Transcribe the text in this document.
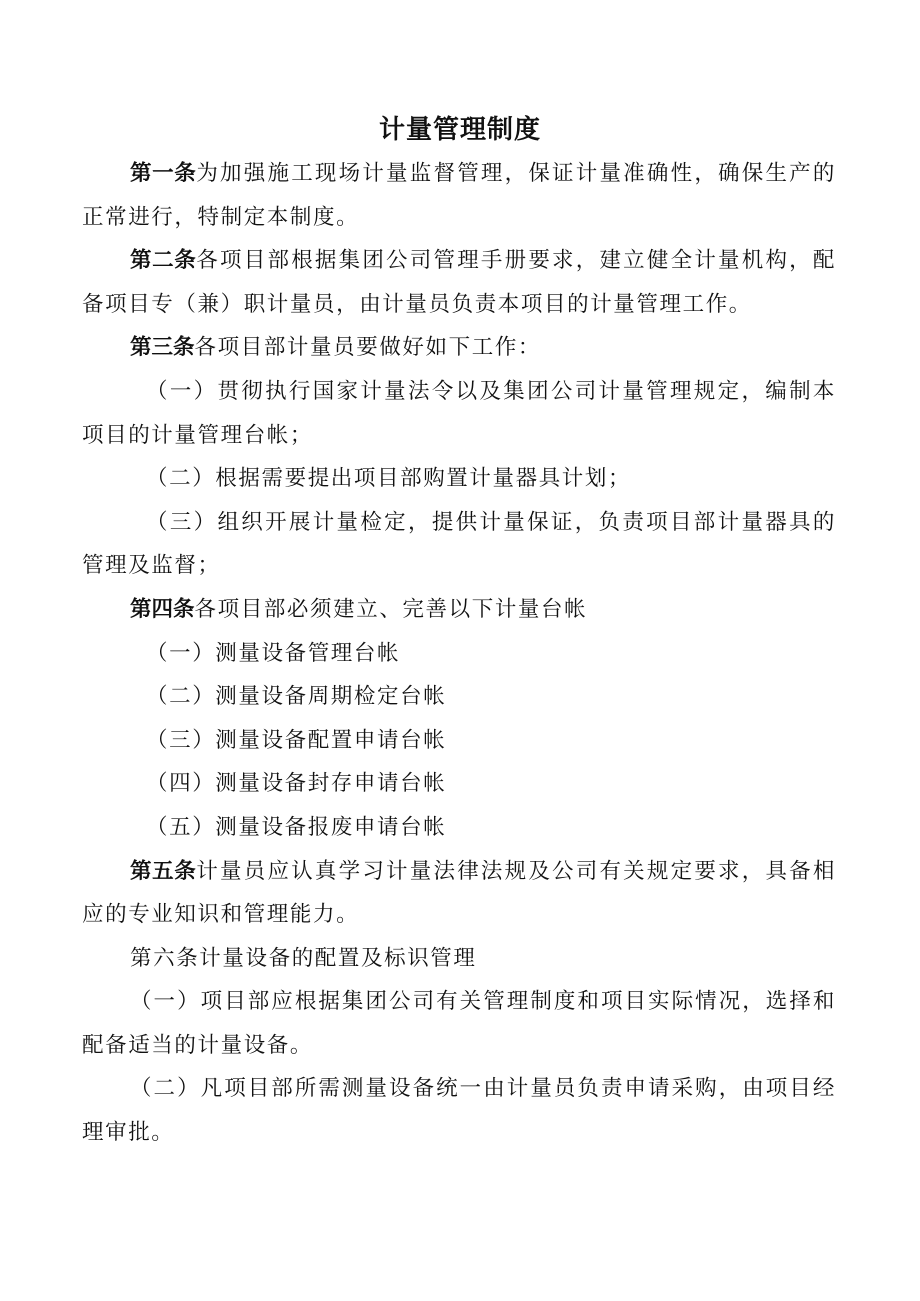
计量管理制度

第一条为加强施工现场计量监督管理，保证计量准确性，确保生产的正常进行，特制定本制度。

第二条各项目部根据集团公司管理手册要求，建立健全计量机构，配备项目专（兼）职计量员，由计量员负责本项目的计量管理工作。

第三条各项目部计量员要做好如下工作：

（一）贯彻执行国家计量法令以及集团公司计量管理规定，编制本项目的计量管理台帐；

（二）根据需要提出项目部购置计量器具计划；

（三）组织开展计量检定，提供计量保证，负责项目部计量器具的管理及监督；

第四条各项目部必须建立、完善以下计量台帐

（一）测量设备管理台帐

（二）测量设备周期检定台帐

（三）测量设备配置申请台帐

（四）测量设备封存申请台帐

（五）测量设备报废申请台帐

第五条计量员应认真学习计量法律法规及公司有关规定要求，具备相应的专业知识和管理能力。

第六条计量设备的配置及标识管理

（一）项目部应根据集团公司有关管理制度和项目实际情况，选择和配备适当的计量设备。

（二）凡项目部所需测量设备统一由计量员负责申请采购，由项目经理审批。
